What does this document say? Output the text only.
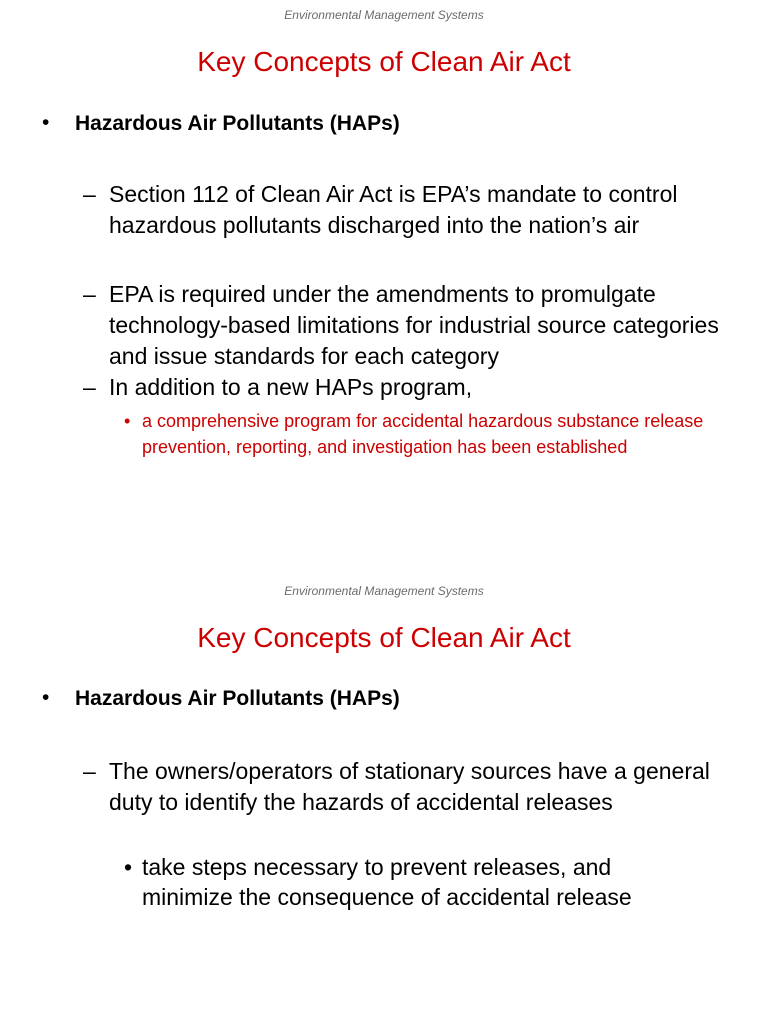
Environmental Management Systems
Key Concepts of Clean Air Act
• Hazardous Air Pollutants (HAPs)
– Section 112 of Clean Air Act is EPA’s mandate to control hazardous pollutants discharged into the nation’s air
– EPA is required under the amendments to promulgate technology-based limitations for industrial source categories and issue standards for each category
– In addition to a new HAPs program,
• a comprehensive program for accidental hazardous substance release prevention, reporting, and investigation has been established
Environmental Management Systems
Key Concepts of Clean Air Act
• Hazardous Air Pollutants (HAPs)
– The owners/operators of stationary sources have a general duty to identify the hazards of accidental releases
• take steps necessary to prevent releases, and minimize the consequence of accidental release
